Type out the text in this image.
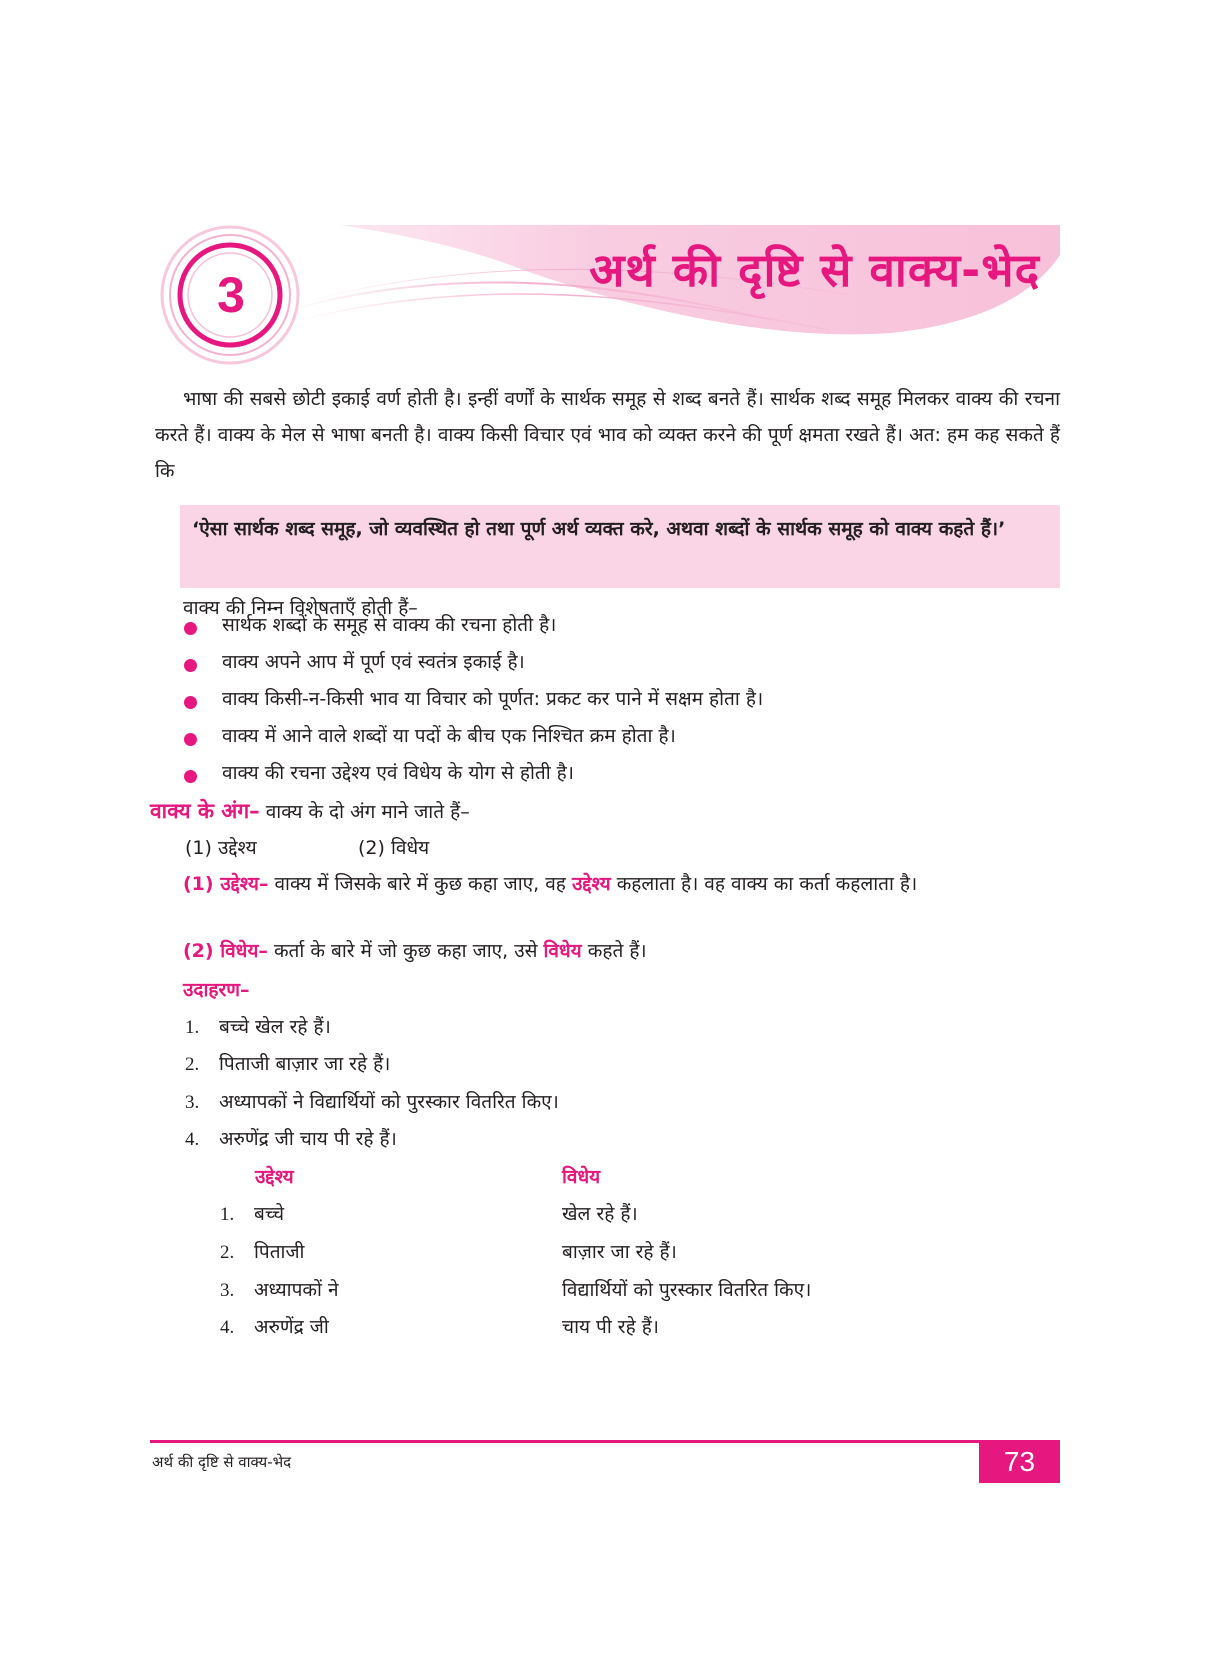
3	अर्थ की दृष्टि से वाक्य-भेद
भाषा की सबसे छोटी इकाई वर्ण होती है। इन्हीं वर्णों के सार्थक समूह से शब्द बनते हैं। सार्थक शब्द समूह मिलकर वाक्य की रचना करते हैं। वाक्य के मेल से भाषा बनती है। वाक्य किसी विचार एवं भाव को व्यक्त करने की पूर्ण क्षमता रखते हैं। अत: हम कह सकते हैं कि
‘ऐसा सार्थक शब्द समूह, जो व्यवस्थित हो तथा पूर्ण अर्थ व्यक्त करे, अथवा शब्दों के सार्थक समूह को वाक्य कहते हैं।’
वाक्य की निम्न विशेषताएँ होती हैं–
सार्थक शब्दों के समूह से वाक्य की रचना होती है।
वाक्य अपने आप में पूर्ण एवं स्वतंत्र इकाई है।
वाक्य किसी-न-किसी भाव या विचार को पूर्णत: प्रकट कर पाने में सक्षम होता है।
वाक्य में आने वाले शब्दों या पदों के बीच एक निश्चित क्रम होता है।
वाक्य की रचना उद्देश्य एवं विधेय के योग से होती है।
वाक्य के अंग– वाक्य के दो अंग माने जाते हैं–
(1) उद्देश्य	(2) विधेय
(1) उद्देश्य– वाक्य में जिसके बारे में कुछ कहा जाए, वह उद्देश्य कहलाता है। वह वाक्य का कर्ता कहलाता है।
(2) विधेय– कर्ता के बारे में जो कुछ कहा जाए, उसे विधेय कहते हैं।
उदाहरण–
1. बच्चे खेल रहे हैं।
2. पिताजी बाज़ार जा रहे हैं।
3. अध्यापकों ने विद्यार्थियों को पुरस्कार वितरित किए।
4. अरुणेंद्र जी चाय पी रहे हैं।
उद्देश्य	विधेय
1. बच्चे	खेल रहे हैं।
2. पिताजी	बाज़ार जा रहे हैं।
3. अध्यापकों ने	विद्यार्थियों को पुरस्कार वितरित किए।
4. अरुणेंद्र जी	चाय पी रहे हैं।
अर्थ की दृष्टि से वाक्य-भेद	73
